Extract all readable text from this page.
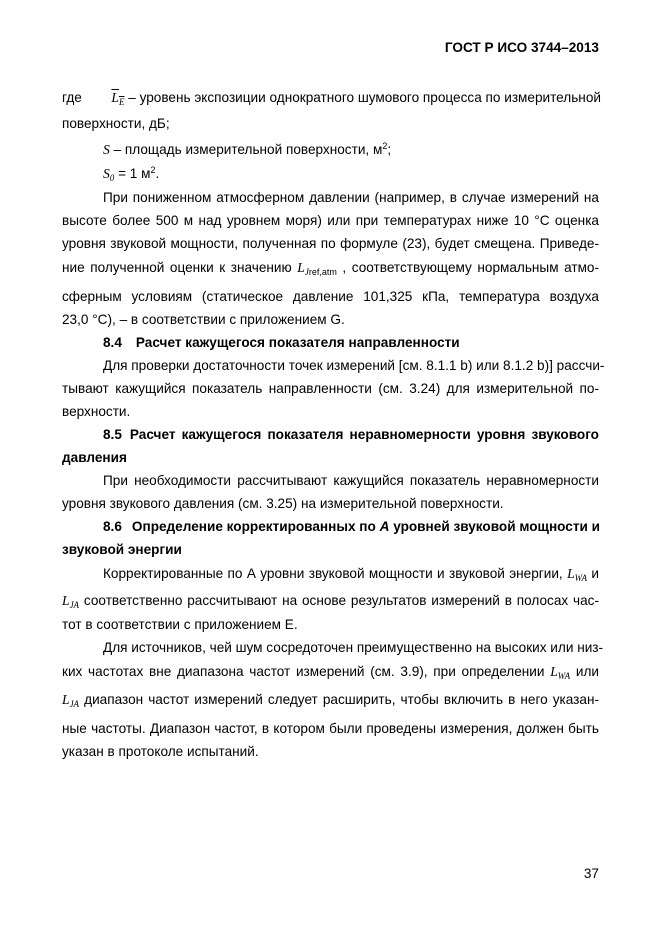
ГОСТ Р ИСО 3744–2013
где $L_E$ – уровень экспозиции однократного шумового процесса по измерительной
поверхности, дБ;
S – площадь измерительной поверхности, $м^2$;
$S_0 = 1$ $м^2$.
При пониженном атмосферном давлении (например, в случае измерений на
высоте более 500 м над уровнем моря) или при температурах ниже 10 °С оценка
уровня звуковой мощности, полученная по формуле (23), будет смещена. Приведе-
ние полученной оценки к значению $L_{Jref,atm}$ , соответствующему нормальным атмо-
сферным условиям (статическое давление 101,325 кПа, температура воздуха
23,0 °С), – в соответствии с приложением G.
8.4 Расчет кажущегося показателя направленности
Для проверки достаточности точек измерений [см. 8.1.1 b) или 8.1.2 b)] рассчи-
тывают кажущийся показатель направленности (см. 3.24) для измерительной по-
верхности.
8.5 Расчет кажущегося показателя неравномерности уровня звукового
давления
При необходимости рассчитывают кажущийся показатель неравномерности
уровня звукового давления (см. 3.25) на измерительной поверхности.
8.6 Определение корректированных по А уровней звуковой мощности и
звуковой энергии
Корректированные по А уровни звуковой мощности и звуковой энергии, $L_{WA}$ и
$L_{JA}$ соответственно рассчитывают на основе результатов измерений в полосах час-
тот в соответствии с приложением Е.
Для источников, чей шум сосредоточен преимущественно на высоких или низ-
ких частотах вне диапазона частот измерений (см. 3.9), при определении $L_{WA}$ или
$L_{JA}$ диапазон частот измерений следует расширить, чтобы включить в него указан-
ные частоты. Диапазон частот, в котором были проведены измерения, должен быть
указан в протоколе испытаний.
37
